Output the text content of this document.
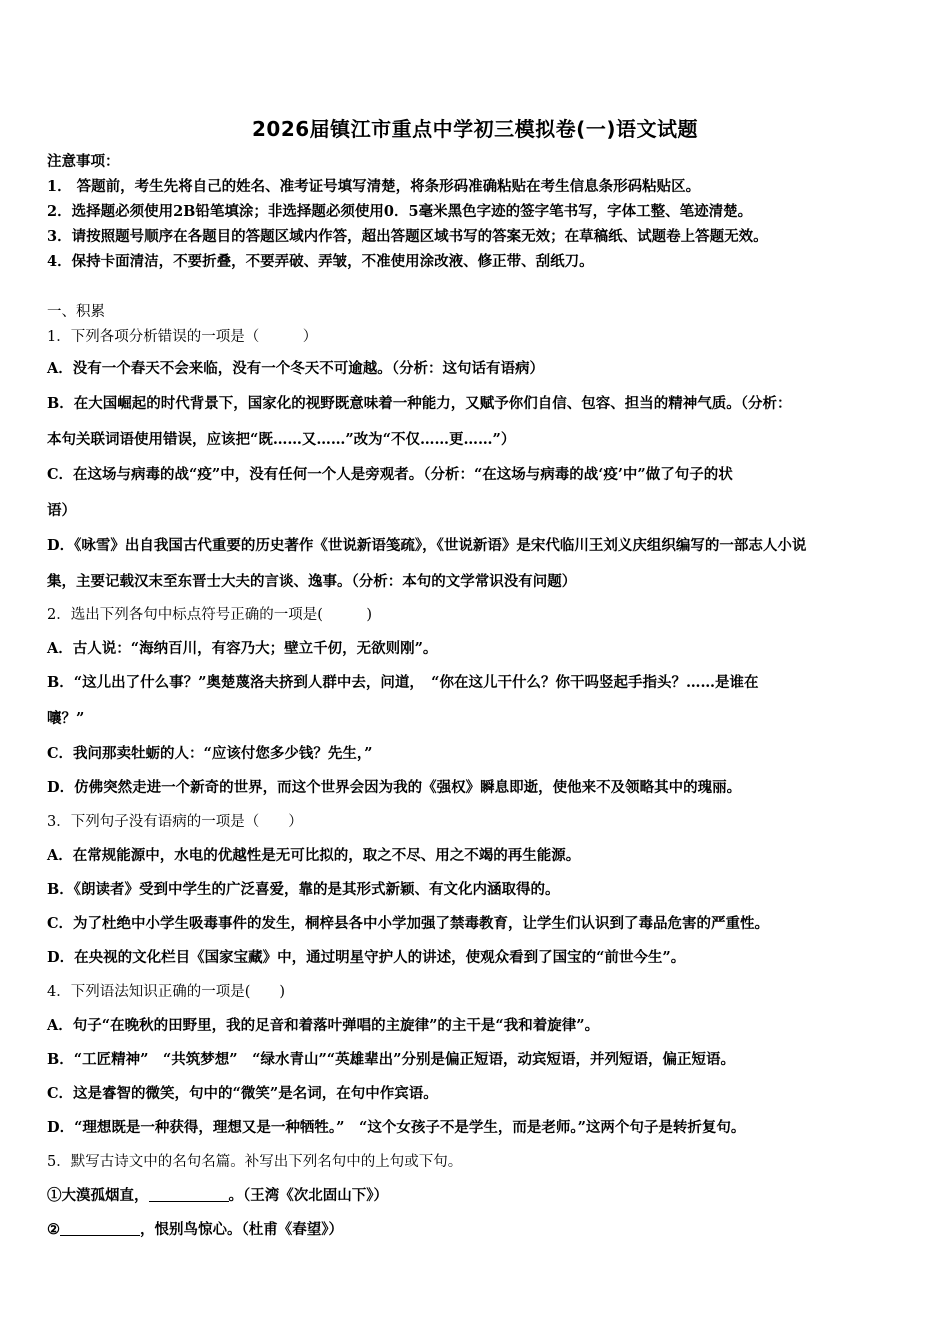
2026届镇江市重点中学初三模拟卷(一)语文试题
注意事项：
1． 答题前，考生先将自己的姓名、准考证号填写清楚，将条形码准确粘贴在考生信息条形码粘贴区。
2．选择题必须使用2B铅笔填涂；非选择题必须使用0．5毫米黑色字迹的签字笔书写，字体工整、笔迹清楚。
3．请按照题号顺序在各题目的答题区域内作答，超出答题区域书写的答案无效；在草稿纸、试题卷上答题无效。
4．保持卡面清洁，不要折叠，不要弄破、弄皱，不准使用涂改液、修正带、刮纸刀。
一、积累
1．下列各项分析错误的一项是（　　　）
A．没有一个春天不会来临，没有一个冬天不可逾越。（分析：这句话有语病）
B．在大国崛起的时代背景下，国家化的视野既意味着一种能力，又赋予你们自信、包容、担当的精神气质。（分析：
本句关联词语使用错误，应该把“既……又……”改为“不仅……更……”）
C．在这场与病毒的战“疫”中，没有任何一个人是旁观者。（分析：“在这场与病毒的战‘疫’中”做了句子的状
语）
D．《咏雪》出自我国古代重要的历史著作《世说新语笺疏》，《世说新语》是宋代临川王刘义庆组织编写的一部志人小说
集，主要记载汉末至东晋士大夫的言谈、逸事。（分析：本句的文学常识没有问题）
2．选出下列各句中标点符号正确的一项是(　　　)
A．古人说：“海纳百川，有容乃大；壁立千仞，无欲则刚”。
B．“这儿出了什么事？”奥楚蔑洛夫挤到人群中去，问道，　“你在这儿干什么？你干吗竖起手指头？……是谁在
嚷？”
C．我问那卖牡蛎的人：“应该付您多少钱？先生，”
D．仿佛突然走进一个新奇的世界，而这个世界会因为我的《强权》瞬息即逝，使他来不及领略其中的瑰丽。
3．下列句子没有语病的一项是（　　）
A．在常规能源中，水电的优越性是无可比拟的，取之不尽、用之不竭的再生能源。
B．《朗读者》受到中学生的广泛喜爱，靠的是其形式新颖、有文化内涵取得的。
C．为了杜绝中小学生吸毒事件的发生，桐梓县各中小学加强了禁毒教育，让学生们认识到了毒品危害的严重性。
D．在央视的文化栏目《国家宝藏》中，通过明星守护人的讲述，使观众看到了国宝的“前世今生”。
4．下列语法知识正确的一项是(　　)
A．句子“在晚秋的田野里，我的足音和着落叶弹唱的主旋律”的主干是“我和着旋律”。
B．“工匠精神”　“共筑梦想”　“绿水青山”“英雄辈出”分别是偏正短语，动宾短语，并列短语，偏正短语。
C．这是睿智的微笑，句中的“微笑”是名词，在句中作宾语。
D．“理想既是一种获得，理想又是一种牺牲。”　“这个女孩子不是学生，而是老师。”这两个句子是转折复句。
5．默写古诗文中的名句名篇。补写出下列名句中的上句或下句。
①大漠孤烟直，	。（王湾《次北固山下》）
②	，恨别鸟惊心。（杜甫《春望》）
